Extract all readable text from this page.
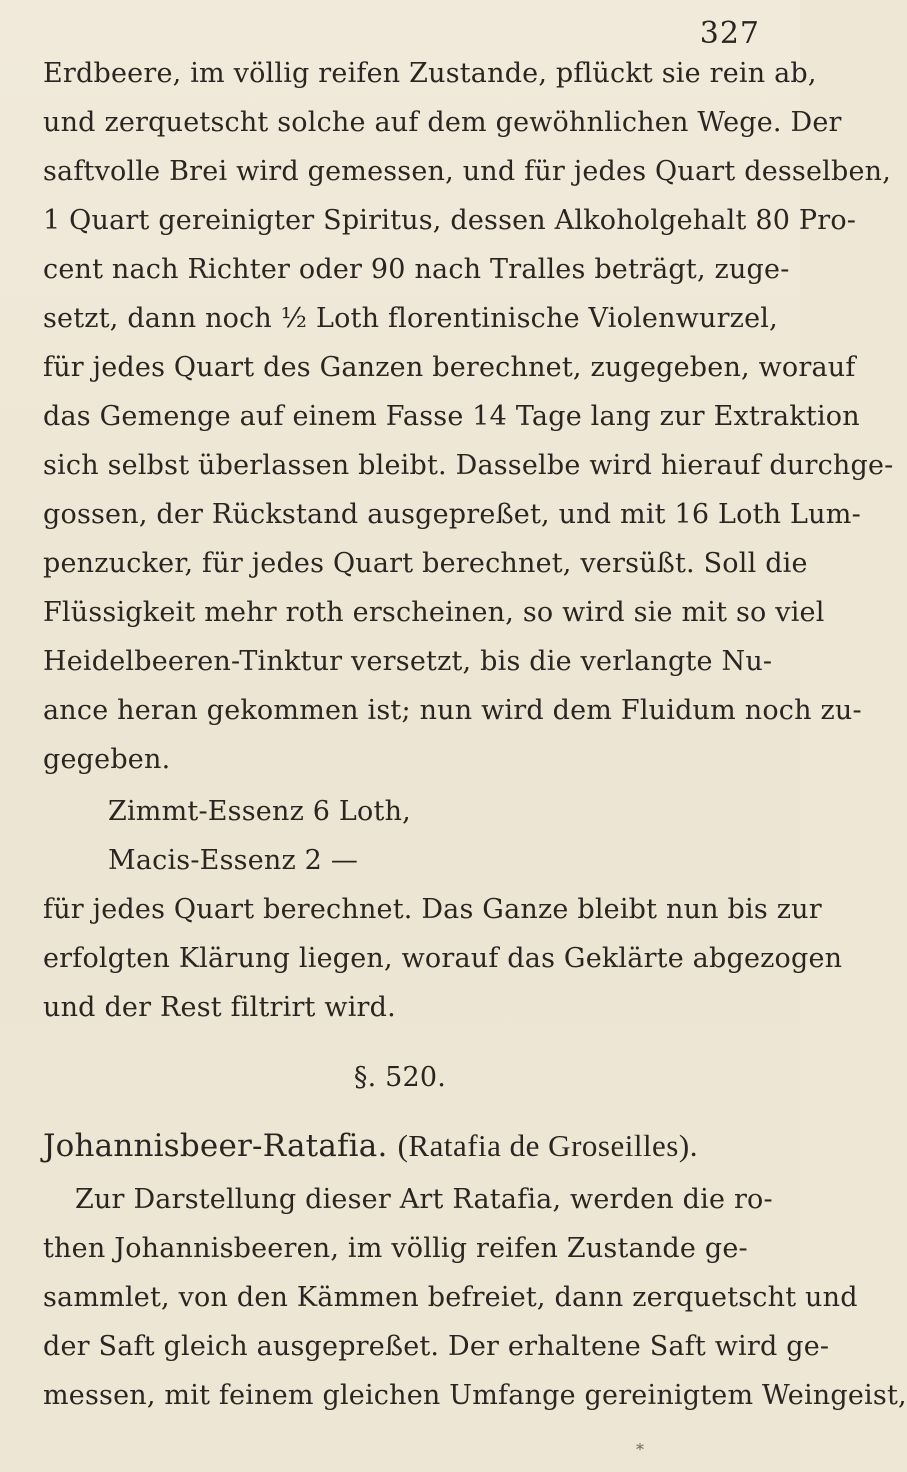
327
Erdbeere, im völlig reifen Zustande, pflückt sie rein ab,
und zerquetscht solche auf dem gewöhnlichen Wege. Der
saftvolle Brei wird gemessen, und für jedes Quart desselben,
1 Quart gereinigter Spiritus, dessen Alkoholgehalt 80 Pro-
cent nach Richter oder 90 nach Tralles beträgt, zuge-
setzt, dann noch ½ Loth florentinische Violenwurzel,
für jedes Quart des Ganzen berechnet, zugegeben, worauf
das Gemenge auf einem Fasse 14 Tage lang zur Extraktion
sich selbst überlassen bleibt. Dasselbe wird hierauf durchge-
gossen, der Rückstand ausgepreßet, und mit 16 Loth Lum-
penzucker, für jedes Quart berechnet, versüßt. Soll die
Flüssigkeit mehr roth erscheinen, so wird sie mit so viel
Heidelbeeren-Tinktur versetzt, bis die verlangte Nu-
ance heran gekommen ist; nun wird dem Fluidum noch zu-
gegeben.
Zimmt-Essenz 6 Loth,
Macis-Essenz 2 —
für jedes Quart berechnet. Das Ganze bleibt nun bis zur
erfolgten Klärung liegen, worauf das Geklärte abgezogen
und der Rest filtrirt wird.
§. 520.
Johannisbeer-Ratafia. (Ratafia de Groseilles).
Zur Darstellung dieser Art Ratafia, werden die ro-
then Johannisbeeren, im völlig reifen Zustande ge-
sammlet, von den Kämmen befreiet, dann zerquetscht und
der Saft gleich ausgepreßet. Der erhaltene Saft wird ge-
messen, mit feinem gleichen Umfange gereinigtem Weingeist,
*
